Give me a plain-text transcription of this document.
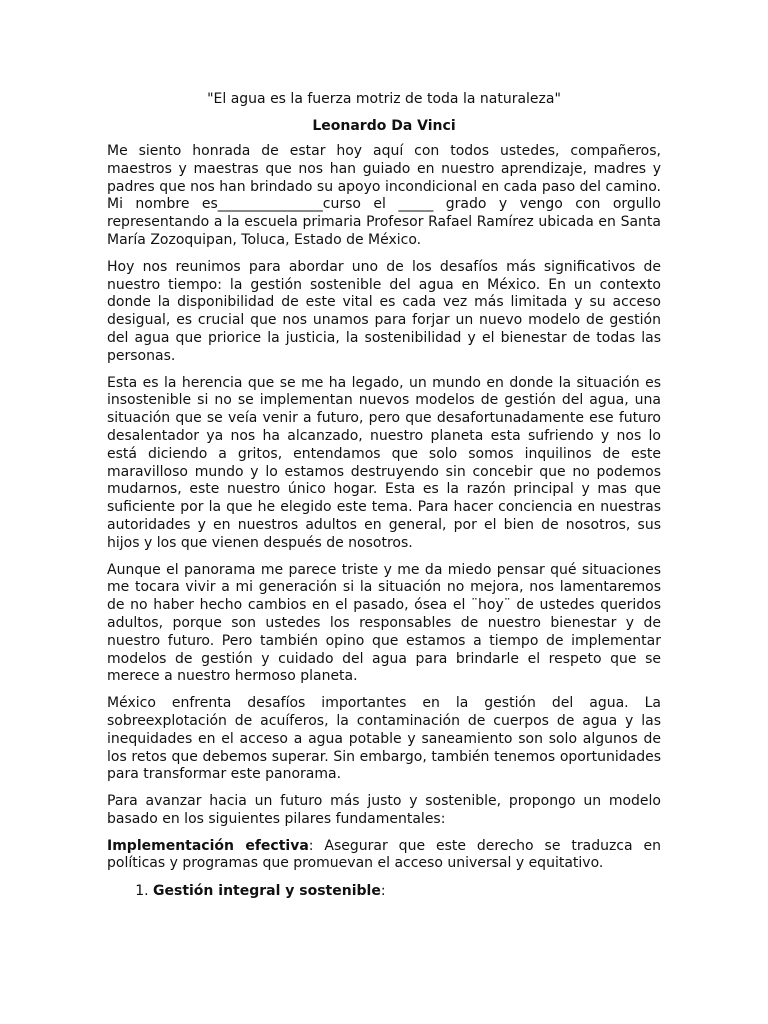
"El agua es la fuerza motriz de toda la naturaleza"
Leonardo Da Vinci

Me siento honrada de estar hoy aquí con todos ustedes, compañeros, maestros y maestras que nos han guiado en nuestro aprendizaje, madres y padres que nos han brindado su apoyo incondicional en cada paso del camino. Mi nombre es_______________curso el _____ grado y vengo con orgullo representando a la escuela primaria Profesor Rafael Ramírez ubicada en Santa María Zozoquipan, Toluca, Estado de México.

Hoy nos reunimos para abordar uno de los desafíos más significativos de nuestro tiempo: la gestión sostenible del agua en México. En un contexto donde la disponibilidad de este vital es cada vez más limitada y su acceso desigual, es crucial que nos unamos para forjar un nuevo modelo de gestión del agua que priorice la justicia, la sostenibilidad y el bienestar de todas las personas.

Esta es la herencia que se me ha legado, un mundo en donde la situación es insostenible si no se implementan nuevos modelos de gestión del agua, una situación que se veía venir a futuro, pero que desafortunadamente ese futuro desalentador ya nos ha alcanzado, nuestro planeta esta sufriendo y nos lo está diciendo a gritos, entendamos que solo somos inquilinos de este maravilloso mundo y lo estamos destruyendo sin concebir que no podemos mudarnos, este nuestro único hogar. Esta es la razón principal y mas que suficiente por la que he elegido este tema. Para hacer conciencia en nuestras autoridades y en nuestros adultos en general, por el bien de nosotros, sus hijos y los que vienen después de nosotros.

Aunque el panorama me parece triste y me da miedo pensar qué situaciones me tocara vivir a mi generación si la situación no mejora, nos lamentaremos de no haber hecho cambios en el pasado, ósea el ¨hoy¨ de ustedes queridos adultos, porque son ustedes los responsables de nuestro bienestar y de nuestro futuro. Pero también opino que estamos a tiempo de implementar modelos de gestión y cuidado del agua para brindarle el respeto que se merece a nuestro hermoso planeta.

México enfrenta desafíos importantes en la gestión del agua. La sobreexplotación de acuíferos, la contaminación de cuerpos de agua y las inequidades en el acceso a agua potable y saneamiento son solo algunos de los retos que debemos superar. Sin embargo, también tenemos oportunidades para transformar este panorama.

Para avanzar hacia un futuro más justo y sostenible, propongo un modelo basado en los siguientes pilares fundamentales:

Implementación efectiva: Asegurar que este derecho se traduzca en políticas y programas que promuevan el acceso universal y equitativo.

1. Gestión integral y sostenible:
